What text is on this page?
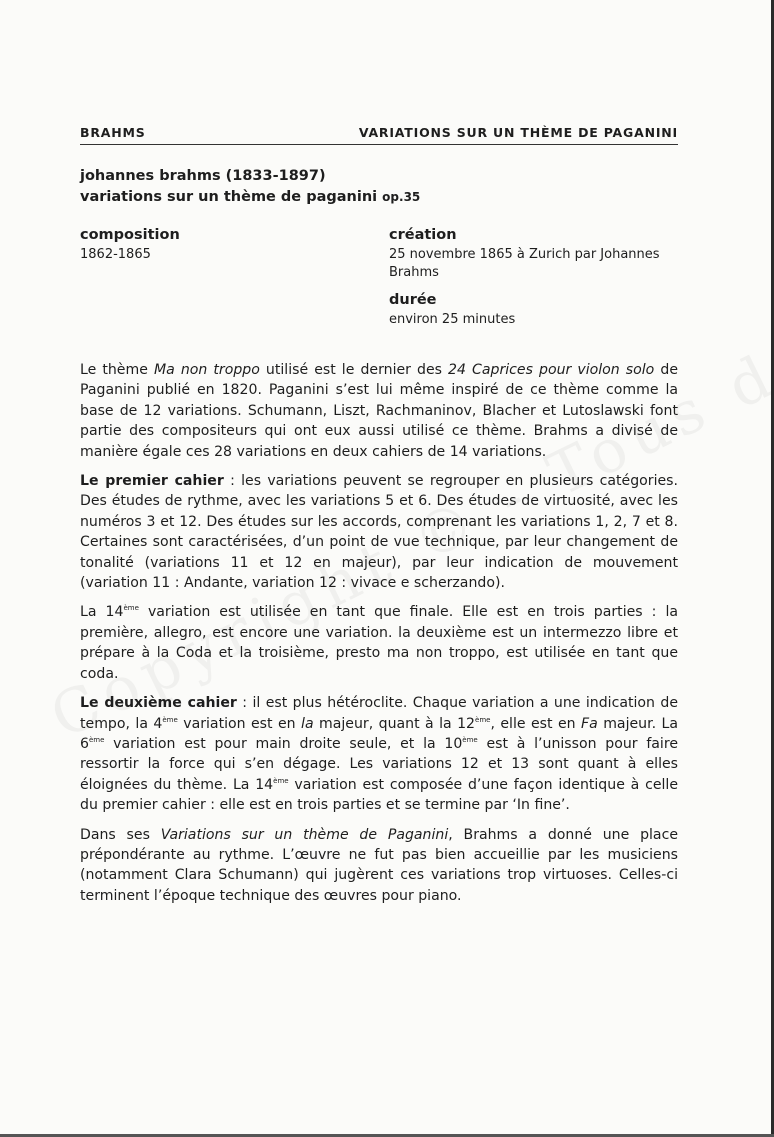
BRAHMS	VARIATIONS SUR UN THÈME DE PAGANINI
johannes brahms (1833-1897)
variations sur un thème de paganini op.35
composition
1862-1865
création
25 novembre 1865 à Zurich par Johannes Brahms
durée
environ 25 minutes

Le thème Ma non troppo utilisé est le dernier des 24 Caprices pour violon solo de Paganini publié en 1820. Paganini s’est lui même inspiré de ce thème comme la base de 12 variations. Schumann, Liszt, Rachmaninov, Blacher et Lutoslawski font partie des compositeurs qui ont eux aussi utilisé ce thème. Brahms a divisé de manière égale ces 28 variations en deux cahiers de 14 variations.

Le premier cahier : les variations peuvent se regrouper en plusieurs catégories. Des études de rythme, avec les variations 5 et 6. Des études de virtuosité, avec les numéros 3 et 12. Des études sur les accords, comprenant les variations 1, 2, 7 et 8. Certaines sont caractérisées, d’un point de vue technique, par leur changement de tonalité (variations 11 et 12 en majeur), par leur indication de mouvement (variation 11 : Andante, variation 12 : vivace e scherzando).

La 14ème variation est utilisée en tant que finale. Elle est en trois parties : la première, allegro, est encore une variation. la deuxième est un intermezzo libre et prépare à la Coda et la troisième, presto ma non troppo, est utilisée en tant que coda.

Le deuxième cahier : il est plus hétéroclite. Chaque variation a une indication de tempo, la 4ème variation est en la majeur, quant à la 12ème, elle est en Fa majeur. La 6ème variation est pour main droite seule, et la 10ème est à l’unisson pour faire ressortir la force qui s’en dégage. Les variations 12 et 13 sont quant à elles éloignées du thème. La 14ème variation est composée d’une façon identique à celle du premier cahier : elle est en trois parties et se termine par ‘In fine’.

Dans ses Variations sur un thème de Paganini, Brahms a donné une place prépondérante au rythme. L’œuvre ne fut pas bien accueillie par les musiciens (notamment Clara Schumann) qui jugèrent ces variations trop virtuoses. Celles-ci terminent l’époque technique des œuvres pour piano.
